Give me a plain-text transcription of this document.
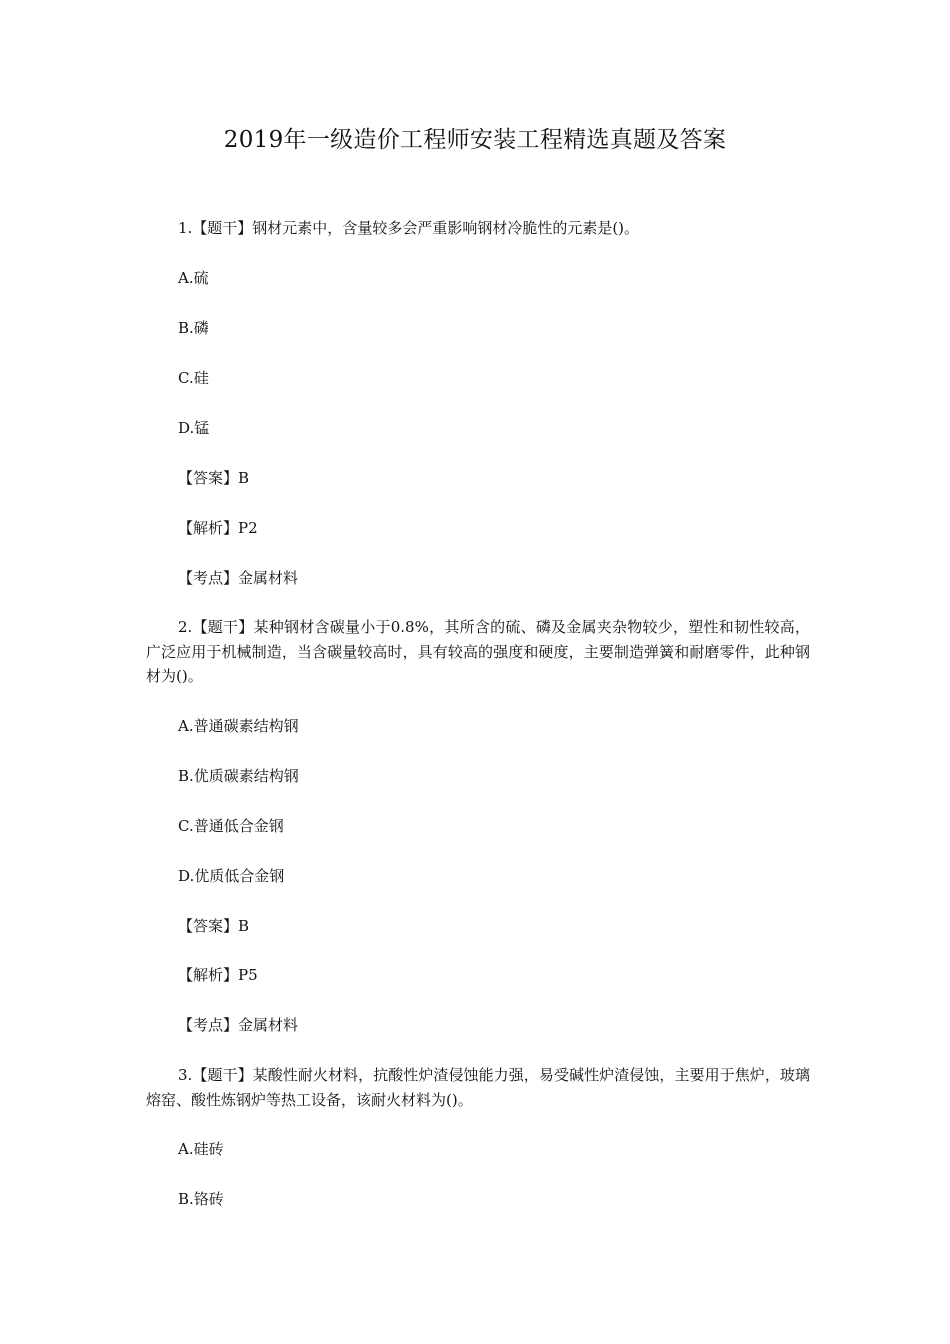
2019年一级造价工程师安装工程精选真题及答案
1.【题干】钢材元素中，含量较多会严重影响钢材冷脆性的元素是()。
A.硫
B.磷
C.硅
D.锰
【答案】B
【解析】P2
【考点】金属材料
2.【题干】某种钢材含碳量小于0.8%，其所含的硫、磷及金属夹杂物较少，塑性和韧性较高，广泛应用于机械制造，当含碳量较高时，具有较高的强度和硬度，主要制造弹簧和耐磨零件，此种钢材为()。
A.普通碳素结构钢
B.优质碳素结构钢
C.普通低合金钢
D.优质低合金钢
【答案】B
【解析】P5
【考点】金属材料
3.【题干】某酸性耐火材料，抗酸性炉渣侵蚀能力强，易受碱性炉渣侵蚀，主要用于焦炉，玻璃熔窑、酸性炼钢炉等热工设备，该耐火材料为()。
A.硅砖
B.铬砖
